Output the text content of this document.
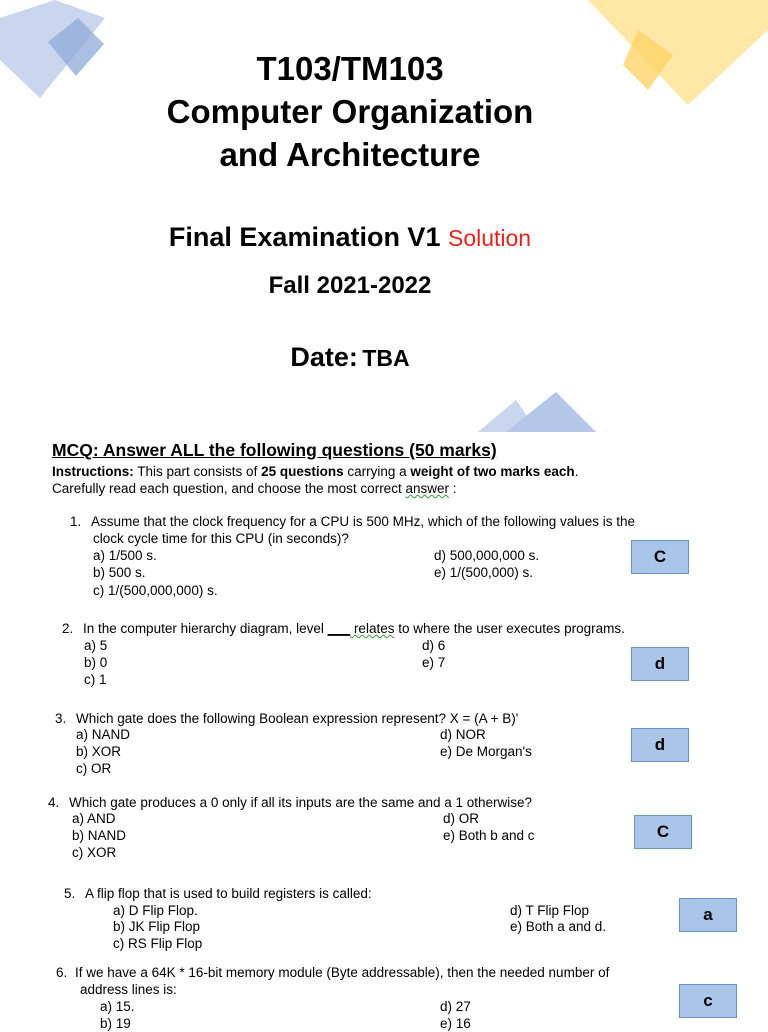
T103/TM103
Computer Organization
and Architecture
Final Examination V1 Solution
Fall 2021-2022
Date: TBA
MCQ: Answer ALL the following questions (50 marks)
Instructions: This part consists of 25 questions carrying a weight of two marks each.
Carefully read each question, and choose the most correct answer :
1. Assume that the clock frequency for a CPU is 500 MHz, which of the following values is the
clock cycle time for this CPU (in seconds)?
a) 1/500 s.
b) 500 s.
c) 1/(500,000,000) s.
d) 500,000,000 s.
e) 1/(500,000) s.
C
2. In the computer hierarchy diagram, level ___ relates to where the user executes programs.
a) 5
b) 0
c) 1
d) 6
e) 7	d
3. Which gate does the following Boolean expression represent? X = (A + B)'
a) NAND
b) XOR
c) OR
d) NOR
e) De Morgan's	d
4. Which gate produces a 0 only if all its inputs are the same and a 1 otherwise?
a) AND
b) NAND
c) XOR
d) OR
e) Both b and c	C
5. A flip flop that is used to build registers is called:
a) D Flip Flop.
b) JK Flip Flop
c) RS Flip Flop
d) T Flip Flop
e) Both a and d.
a
6. If we have a 64K * 16-bit memory module (Byte addressable), then the needed number of
address lines is:
a) 15.
b) 19
d) 27
e) 16
c
